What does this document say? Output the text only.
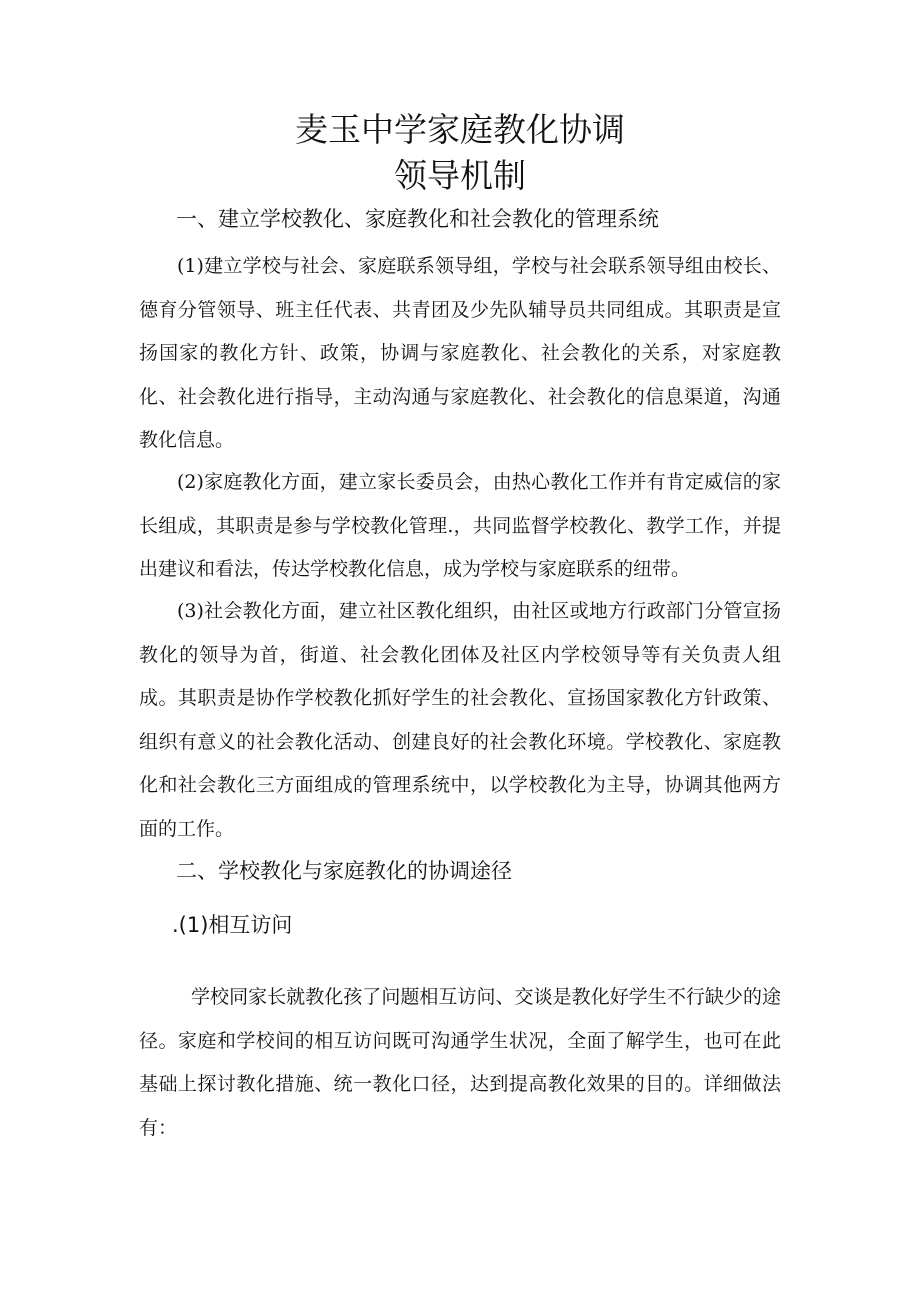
麦玉中学家庭教化协调
领导机制
一、建立学校教化、家庭教化和社会教化的管理系统

(1)建立学校与社会、家庭联系领导组，学校与社会联系领导组由校长、德育分管领导、班主任代表、共青团及少先队辅导员共同组成。其职责是宣扬国家的教化方针、政策，协调与家庭教化、社会教化的关系，对家庭教化、社会教化进行指导，主动沟通与家庭教化、社会教化的信息渠道，沟通教化信息。

(2)家庭教化方面，建立家长委员会，由热心教化工作并有肯定威信的家长组成，其职责是参与学校教化管理.，共同监督学校教化、教学工作，并提出建议和看法，传达学校教化信息，成为学校与家庭联系的纽带。

(3)社会教化方面，建立社区教化组织，由社区或地方行政部门分管宣扬教化的领导为首，街道、社会教化团体及社区内学校领导等有关负责人组成。其职责是协作学校教化抓好学生的社会教化、宣扬国家教化方针政策、组织有意义的社会教化活动、创建良好的社会教化环境。学校教化、家庭教化和社会教化三方面组成的管理系统中，以学校教化为主导，协调其他两方面的工作。

二、学校教化与家庭教化的协调途径
.(1)相互访问

学校同家长就教化孩了问题相互访问、交谈是教化好学生不行缺少的途径。家庭和学校间的相互访问既可沟通学生状况，全面了解学生，也可在此基础上探讨教化措施、统一教化口径，达到提高教化效果的目的。详细做法有：
